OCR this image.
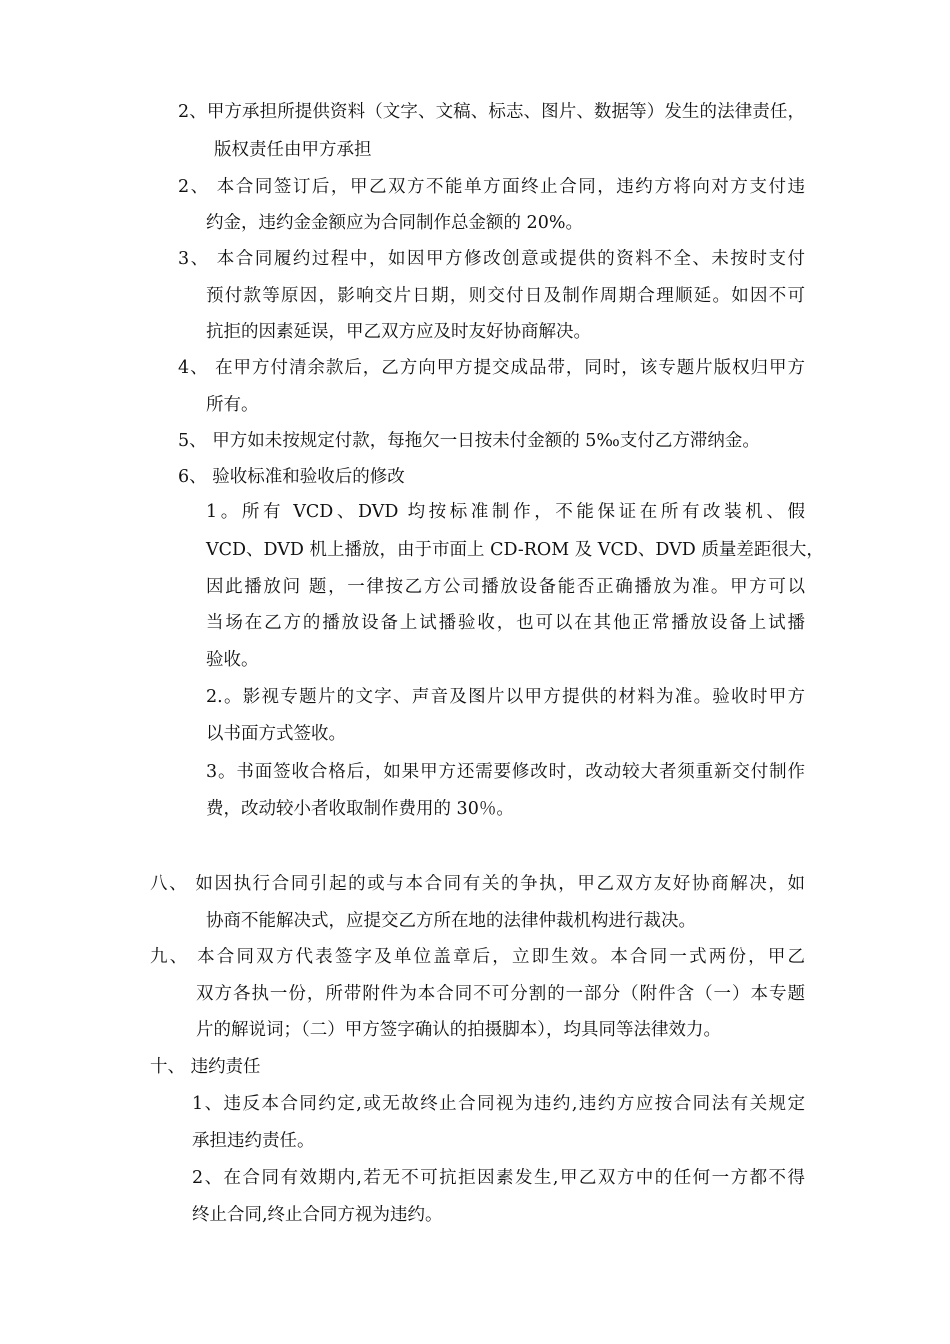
2、甲方承担所提供资料（文字、文稿、标志、图片、数据等）发生的法律责任，
版权责任由甲方承担
2、 本合同签订后，甲乙双方不能单方面终止合同，违约方将向对方支付违
约金，违约金金额应为合同制作总金额的 20%。
3、 本合同履约过程中，如因甲方修改创意或提供的资料不全、未按时支付
预付款等原因，影响交片日期，则交付日及制作周期合理顺延。如因不可
抗拒的因素延误，甲乙双方应及时友好协商解决。
4、 在甲方付清余款后，乙方向甲方提交成品带，同时，该专题片版权归甲方
所有。
5、 甲方如未按规定付款，每拖欠一日按未付金额的 5‰支付乙方滞纳金。
6、 验收标准和验收后的修改
1。所有 VCD、DVD 均按标准制作，不能保证在所有改装机、假
VCD、DVD 机上播放，由于市面上 CD-ROM 及 VCD、DVD 质量差距很大，
因此播放问 题，一律按乙方公司播放设备能否正确播放为准。甲方可以
当场在乙方的播放设备上试播验收，也可以在其他正常播放设备上试播
验收。
2.。影视专题片的文字、声音及图片以甲方提供的材料为准。验收时甲方
以书面方式签收。
3。书面签收合格后，如果甲方还需要修改时，改动较大者须重新交付制作
费，改动较小者收取制作费用的 30％。
八、 如因执行合同引起的或与本合同有关的争执，甲乙双方友好协商解决，如
协商不能解决式，应提交乙方所在地的法律仲裁机构进行裁决。
九、 本合同双方代表签字及单位盖章后，立即生效。本合同一式两份，甲乙
双方各执一份，所带附件为本合同不可分割的一部分（附件含（一）本专题
片的解说词；（二）甲方签字确认的拍摄脚本），均具同等法律效力。
十、 违约责任
1、违反本合同约定,或无故终止合同视为违约,违约方应按合同法有关规定
承担违约责任。
2、在合同有效期内,若无不可抗拒因素发生,甲乙双方中的任何一方都不得
终止合同,终止合同方视为违约。
